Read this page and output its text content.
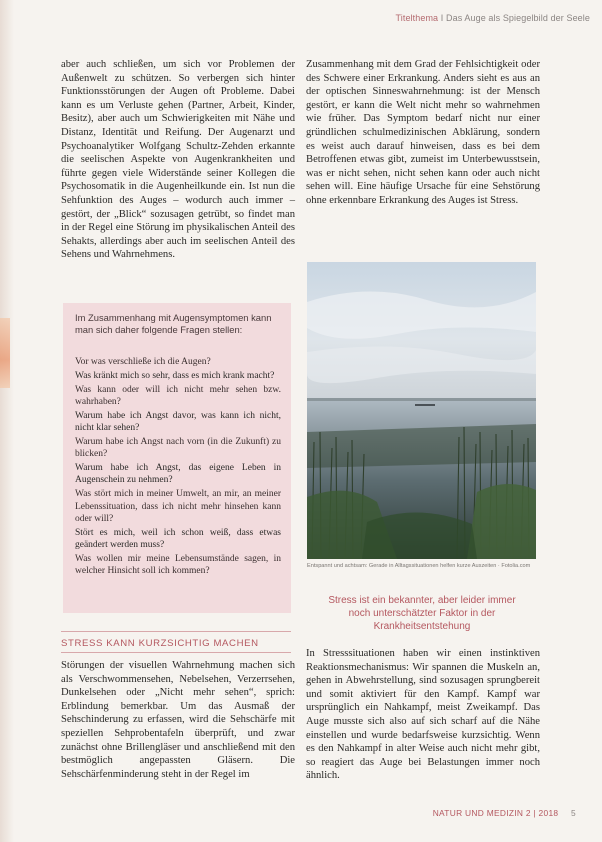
Titelthema I Das Auge als Spiegelbild der Seele

aber auch schließen, um sich vor Problemen der Außenwelt zu schützen. So verbergen sich hinter Funktionsstörungen der Augen oft Probleme. Dabei kann es um Verluste gehen (Partner, Arbeit, Kinder, Besitz), aber auch um Schwierigkeiten mit Nähe und Distanz, Identität und Reifung. Der Augenarzt und Psychoanalytiker Wolfgang Schultz-Zehden erkannte die seelischen Aspekte von Augenkrankheiten und führte gegen viele Widerstände seiner Kollegen die Psychosomatik in die Augenheilkunde ein. Ist nun die Sehfunktion des Auges – wodurch auch immer – gestört, der „Blick“ sozusagen getrübt, so findet man in der Regel eine Störung im physikalischen Anteil des Sehakts, allerdings aber auch im seelischen Anteil des Sehens und Wahrnehmens.

Zusammenhang mit dem Grad der Fehlsichtigkeit oder des Schwere einer Erkrankung. Anders sieht es aus an der optischen Sinneswahrnehmung: ist der Mensch gestört, er kann die Welt nicht mehr so wahrnehmen wie früher. Das Symptom bedarf nicht nur einer gründlichen schulmedizinischen Abklärung, sondern es weist auch darauf hinweisen, dass es bei dem Betroffenen etwas gibt, zumeist im Unterbewusstsein, was er nicht sehen, nicht sehen kann oder auch nicht sehen will. Eine häufige Ursache für eine Sehstörung ohne erkennbare Erkrankung des Auges ist Stress.

Im Zusammenhang mit Augensymptomen kann man sich daher folgende Fragen stellen:
Vor was verschließe ich die Augen?
Was kränkt mich so sehr, dass es mich krank macht?
Was kann oder will ich nicht mehr sehen bzw. wahrhaben?
Warum habe ich Angst davor, was kann ich nicht, nicht klar sehen?
Warum habe ich Angst nach vorn (in die Zukunft) zu blicken?
Warum habe ich Angst, das eigene Leben in Augenschein zu nehmen?
Was stört mich in meiner Umwelt, an mir, an meiner Lebenssituation, dass ich nicht mehr hinsehen kann oder will?
Stört es mich, weil ich schon weiß, dass etwas geändert werden muss?
Was wollen mir meine Lebensumstände sagen, in welcher Hinsicht soll ich kommen?	Entspannt und achtsam: Gerade in Alltagssituationen helfen kurze Auszeiten · Fotolia.com
Stress ist ein bekannter, aber leider immer noch unterschätzter Faktor in der Krankheitsentstehung
STRESS KANN KURZSICHTIG MACHEN

Störungen der visuellen Wahrnehmung machen sich als Verschwommensehen, Nebelsehen, Verzerrsehen, Dunkelsehen oder „Nicht mehr sehen“, sprich: Erblindung bemerkbar. Um das Ausmaß der Sehschinderung zu erfassen, wird die Sehschärfe mit speziellen Sehprobentafeln überprüft, und zwar zunächst ohne Brillengläser und anschließend mit den bestmöglich angepassten Gläsern. Die Sehschärfenminderung steht in der Regel im

In Stresssituationen haben wir einen instinktiven Reaktionsmechanismus: Wir spannen die Muskeln an, gehen in Abwehrstellung, sind sozusagen sprungbereit und somit aktiviert für den Kampf. Kampf war ursprünglich ein Nahkampf, meist Zweikampf. Das Auge musste sich also auf sich scharf auf die Nähe einstellen und wurde bedarfsweise kurzsichtig. Wenn es den Nahkampf in alter Weise auch nicht mehr gibt, so reagiert das Auge bei Belastungen immer noch ähnlich.

NATUR UND MEDIZIN 2 | 2018 5
